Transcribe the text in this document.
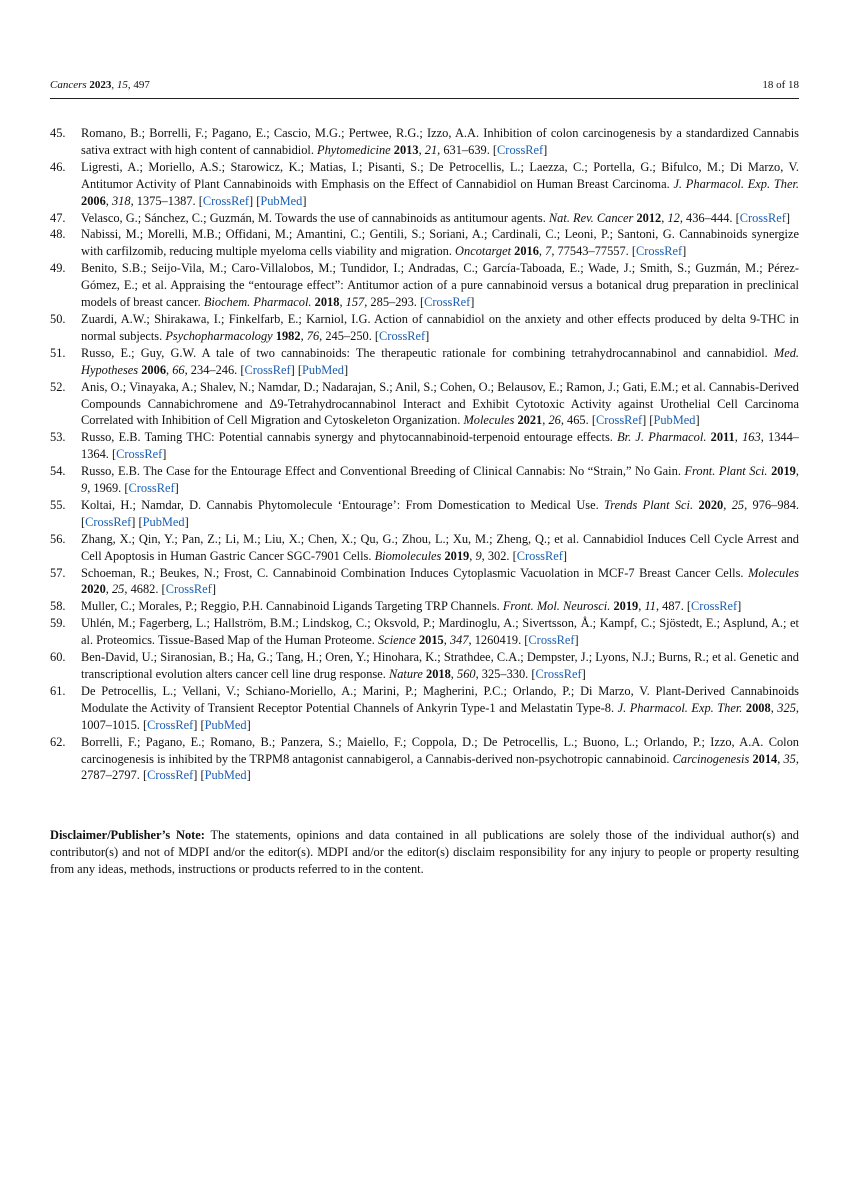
Cancers 2023, 15, 497	18 of 18
45. Romano, B.; Borrelli, F.; Pagano, E.; Cascio, M.G.; Pertwee, R.G.; Izzo, A.A. Inhibition of colon carcinogenesis by a standardized Cannabis sativa extract with high content of cannabidiol. Phytomedicine 2013, 21, 631–639. [CrossRef]
46. Ligresti, A.; Moriello, A.S.; Starowicz, K.; Matias, I.; Pisanti, S.; De Petrocellis, L.; Laezza, C.; Portella, G.; Bifulco, M.; Di Marzo, V. Antitumor Activity of Plant Cannabinoids with Emphasis on the Effect of Cannabidiol on Human Breast Carcinoma. J. Pharmacol. Exp. Ther. 2006, 318, 1375–1387. [CrossRef] [PubMed]
47. Velasco, G.; Sánchez, C.; Guzmán, M. Towards the use of cannabinoids as antitumour agents. Nat. Rev. Cancer 2012, 12, 436–444. [CrossRef]
48. Nabissi, M.; Morelli, M.B.; Offidani, M.; Amantini, C.; Gentili, S.; Soriani, A.; Cardinali, C.; Leoni, P.; Santoni, G. Cannabinoids synergize with carfilzomib, reducing multiple myeloma cells viability and migration. Oncotarget 2016, 7, 77543–77557. [CrossRef]
49. Benito, S.B.; Seijo-Vila, M.; Caro-Villalobos, M.; Tundidor, I.; Andradas, C.; García-Taboada, E.; Wade, J.; Smith, S.; Guzmán, M.; Pérez-Gómez, E.; et al. Appraising the “entourage effect”: Antitumor action of a pure cannabinoid versus a botanical drug preparation in preclinical models of breast cancer. Biochem. Pharmacol. 2018, 157, 285–293. [CrossRef]
50. Zuardi, A.W.; Shirakawa, I.; Finkelfarb, E.; Karniol, I.G. Action of cannabidiol on the anxiety and other effects produced by delta 9-THC in normal subjects. Psychopharmacology 1982, 76, 245–250. [CrossRef]
51. Russo, E.; Guy, G.W. A tale of two cannabinoids: The therapeutic rationale for combining tetrahydrocannabinol and cannabidiol. Med. Hypotheses 2006, 66, 234–246. [CrossRef] [PubMed]
52. Anis, O.; Vinayaka, A.; Shalev, N.; Namdar, D.; Nadarajan, S.; Anil, S.; Cohen, O.; Belausov, E.; Ramon, J.; Gati, E.M.; et al. Cannabis-Derived Compounds Cannabichromene and Δ9-Tetrahydrocannabinol Interact and Exhibit Cytotoxic Activity against Urothelial Cell Carcinoma Correlated with Inhibition of Cell Migration and Cytoskeleton Organization. Molecules 2021, 26, 465. [CrossRef] [PubMed]
53. Russo, E.B. Taming THC: Potential cannabis synergy and phytocannabinoid-terpenoid entourage effects. Br. J. Pharmacol. 2011, 163, 1344–1364. [CrossRef]
54. Russo, E.B. The Case for the Entourage Effect and Conventional Breeding of Clinical Cannabis: No “Strain,” No Gain. Front. Plant Sci. 2019, 9, 1969. [CrossRef]
55. Koltai, H.; Namdar, D. Cannabis Phytomolecule ‘Entourage’: From Domestication to Medical Use. Trends Plant Sci. 2020, 25, 976–984. [CrossRef] [PubMed]
56. Zhang, X.; Qin, Y.; Pan, Z.; Li, M.; Liu, X.; Chen, X.; Qu, G.; Zhou, L.; Xu, M.; Zheng, Q.; et al. Cannabidiol Induces Cell Cycle Arrest and Cell Apoptosis in Human Gastric Cancer SGC-7901 Cells. Biomolecules 2019, 9, 302. [CrossRef]
57. Schoeman, R.; Beukes, N.; Frost, C. Cannabinoid Combination Induces Cytoplasmic Vacuolation in MCF-7 Breast Cancer Cells. Molecules 2020, 25, 4682. [CrossRef]
58. Muller, C.; Morales, P.; Reggio, P.H. Cannabinoid Ligands Targeting TRP Channels. Front. Mol. Neurosci. 2019, 11, 487. [CrossRef]
59. Uhlén, M.; Fagerberg, L.; Hallström, B.M.; Lindskog, C.; Oksvold, P.; Mardinoglu, A.; Sivertsson, Å.; Kampf, C.; Sjöstedt, E.; Asplund, A.; et al. Proteomics. Tissue-Based Map of the Human Proteome. Science 2015, 347, 1260419. [CrossRef]
60. Ben-David, U.; Siranosian, B.; Ha, G.; Tang, H.; Oren, Y.; Hinohara, K.; Strathdee, C.A.; Dempster, J.; Lyons, N.J.; Burns, R.; et al. Genetic and transcriptional evolution alters cancer cell line drug response. Nature 2018, 560, 325–330. [CrossRef]
61. De Petrocellis, L.; Vellani, V.; Schiano-Moriello, A.; Marini, P.; Magherini, P.C.; Orlando, P.; Di Marzo, V. Plant-Derived Cannabinoids Modulate the Activity of Transient Receptor Potential Channels of Ankyrin Type-1 and Melastatin Type-8. J. Pharmacol. Exp. Ther. 2008, 325, 1007–1015. [CrossRef] [PubMed]
62. Borrelli, F.; Pagano, E.; Romano, B.; Panzera, S.; Maiello, F.; Coppola, D.; De Petrocellis, L.; Buono, L.; Orlando, P.; Izzo, A.A. Colon carcinogenesis is inhibited by the TRPM8 antagonist cannabigerol, a Cannabis-derived non-psychotropic cannabinoid. Carcinogenesis 2014, 35, 2787–2797. [CrossRef] [PubMed]
Disclaimer/Publisher’s Note: The statements, opinions and data contained in all publications are solely those of the individual author(s) and contributor(s) and not of MDPI and/or the editor(s). MDPI and/or the editor(s) disclaim responsibility for any injury to people or property resulting from any ideas, methods, instructions or products referred to in the content.
